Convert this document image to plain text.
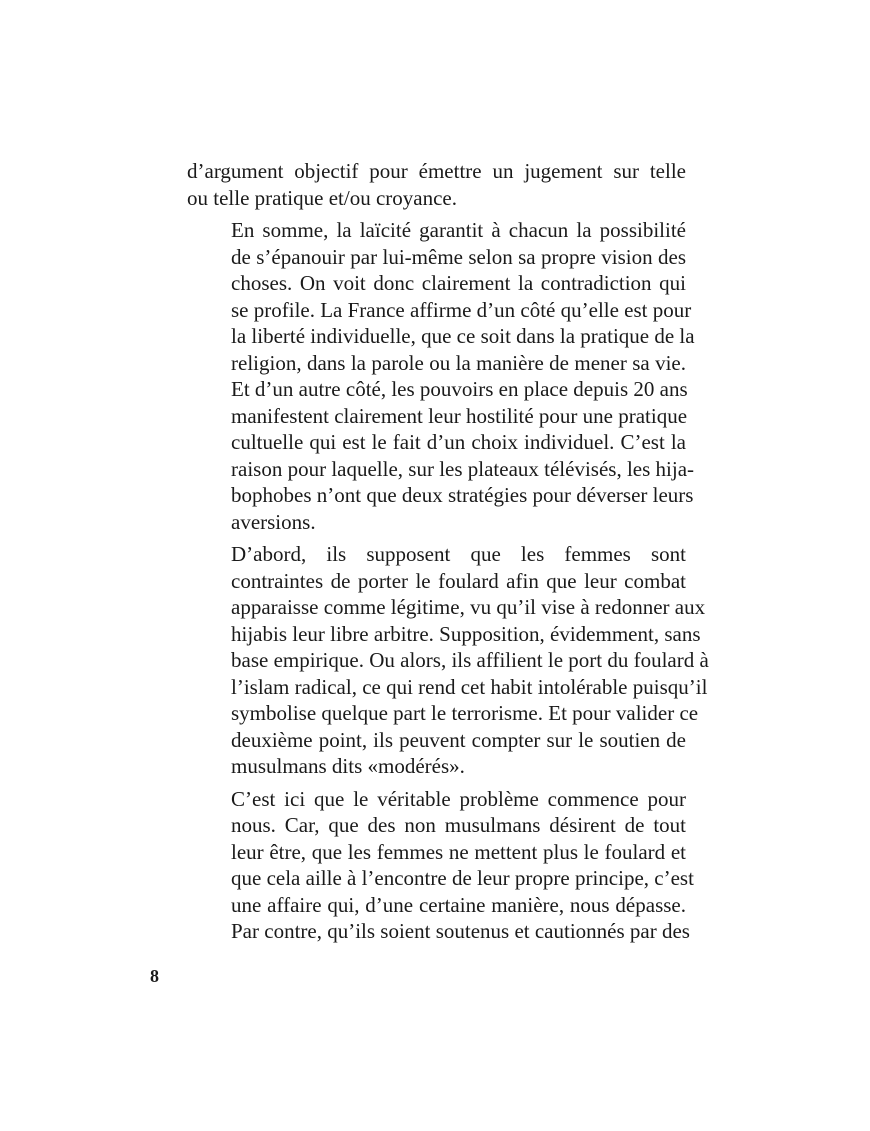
d’argument objectif pour émettre un jugement sur telle
ou telle pratique et/ou croyance.

En somme, la laïcité garantit à chacun la possibilité
de s’épanouir par lui-même selon sa propre vision des
choses. On voit donc clairement la contradiction qui
se profile. La France affirme d’un côté qu’elle est pour
la liberté individuelle, que ce soit dans la pratique de la
religion, dans la parole ou la manière de mener sa vie.
Et d’un autre côté, les pouvoirs en place depuis 20 ans
manifestent clairement leur hostilité pour une pratique
cultuelle qui est le fait d’un choix individuel. C’est la
raison pour laquelle, sur les plateaux télévisés, les hija-
bophobes n’ont que deux stratégies pour déverser leurs
aversions.

D’abord, ils supposent que les femmes sont
contraintes de porter le foulard afin que leur combat
apparaisse comme légitime, vu qu’il vise à redonner aux
hijabis leur libre arbitre. Supposition, évidemment, sans
base empirique. Ou alors, ils affilient le port du foulard à
l’islam radical, ce qui rend cet habit intolérable puisqu’il
symbolise quelque part le terrorisme. Et pour valider ce
deuxième point, ils peuvent compter sur le soutien de
musulmans dits «modérés».

C’est ici que le véritable problème commence pour
nous. Car, que des non musulmans désirent de tout
leur être, que les femmes ne mettent plus le foulard et
que cela aille à l’encontre de leur propre principe, c’est
une affaire qui, d’une certaine manière, nous dépasse.
Par contre, qu’ils soient soutenus et cautionnés par des

8
